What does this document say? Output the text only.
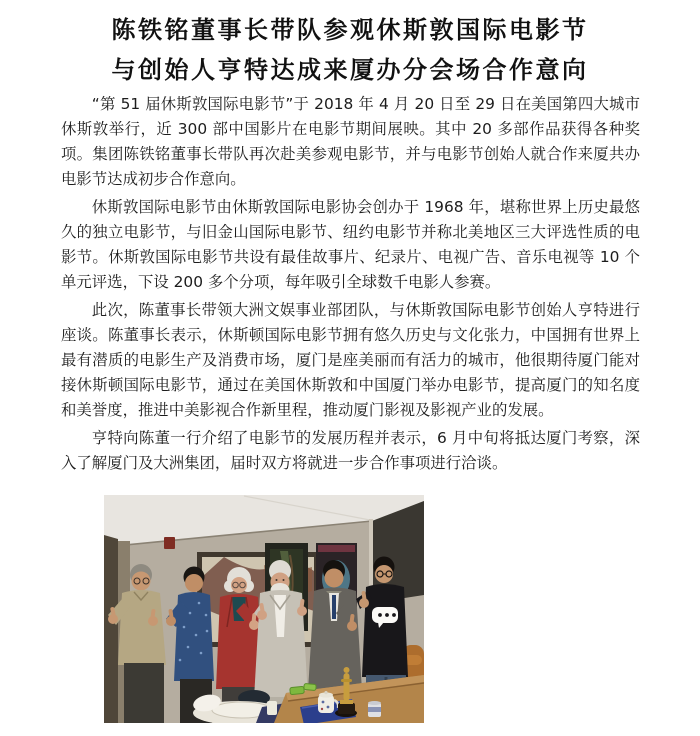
陈铁铭董事长带队参观休斯敦国际电影节
与创始人亨特达成来厦办分会场合作意向

“第 51 届休斯敦国际电影节”于 2018 年 4 月 20 日至 29 日在美国第四大城市休斯敦举行，近 300 部中国影片在电影节期间展映。其中 20 多部作品获得各种奖项。集团陈铁铭董事长带队再次赴美参观电影节，并与电影节创始人就合作来厦共办电影节达成初步合作意向。

休斯敦国际电影节由休斯敦国际电影协会创办于 1968 年，堪称世界上历史最悠久的独立电影节，与旧金山国际电影节、纽约电影节并称北美地区三大评选性质的电影节。休斯敦国际电影节共设有最佳故事片、纪录片、电视广告、音乐电视等 10 个单元评选，下设 200 多个分项，每年吸引全球数千电影人参赛。

此次，陈董事长带领大洲文娱事业部团队，与休斯敦国际电影节创始人亨特进行座谈。陈董事长表示，休斯顿国际电影节拥有悠久历史与文化张力，中国拥有世界上最有潜质的电影生产及消费市场，厦门是座美丽而有活力的城市，他很期待厦门能对接休斯顿国际电影节，通过在美国休斯敦和中国厦门举办电影节，提高厦门的知名度和美誉度，推进中美影视合作新里程，推动厦门影视及影视产业的发展。

亨特向陈董一行介绍了电影节的发展历程并表示，6 月中旬将抵达厦门考察，深入了解厦门及大洲集团，届时双方将就进一步合作事项进行洽谈。
